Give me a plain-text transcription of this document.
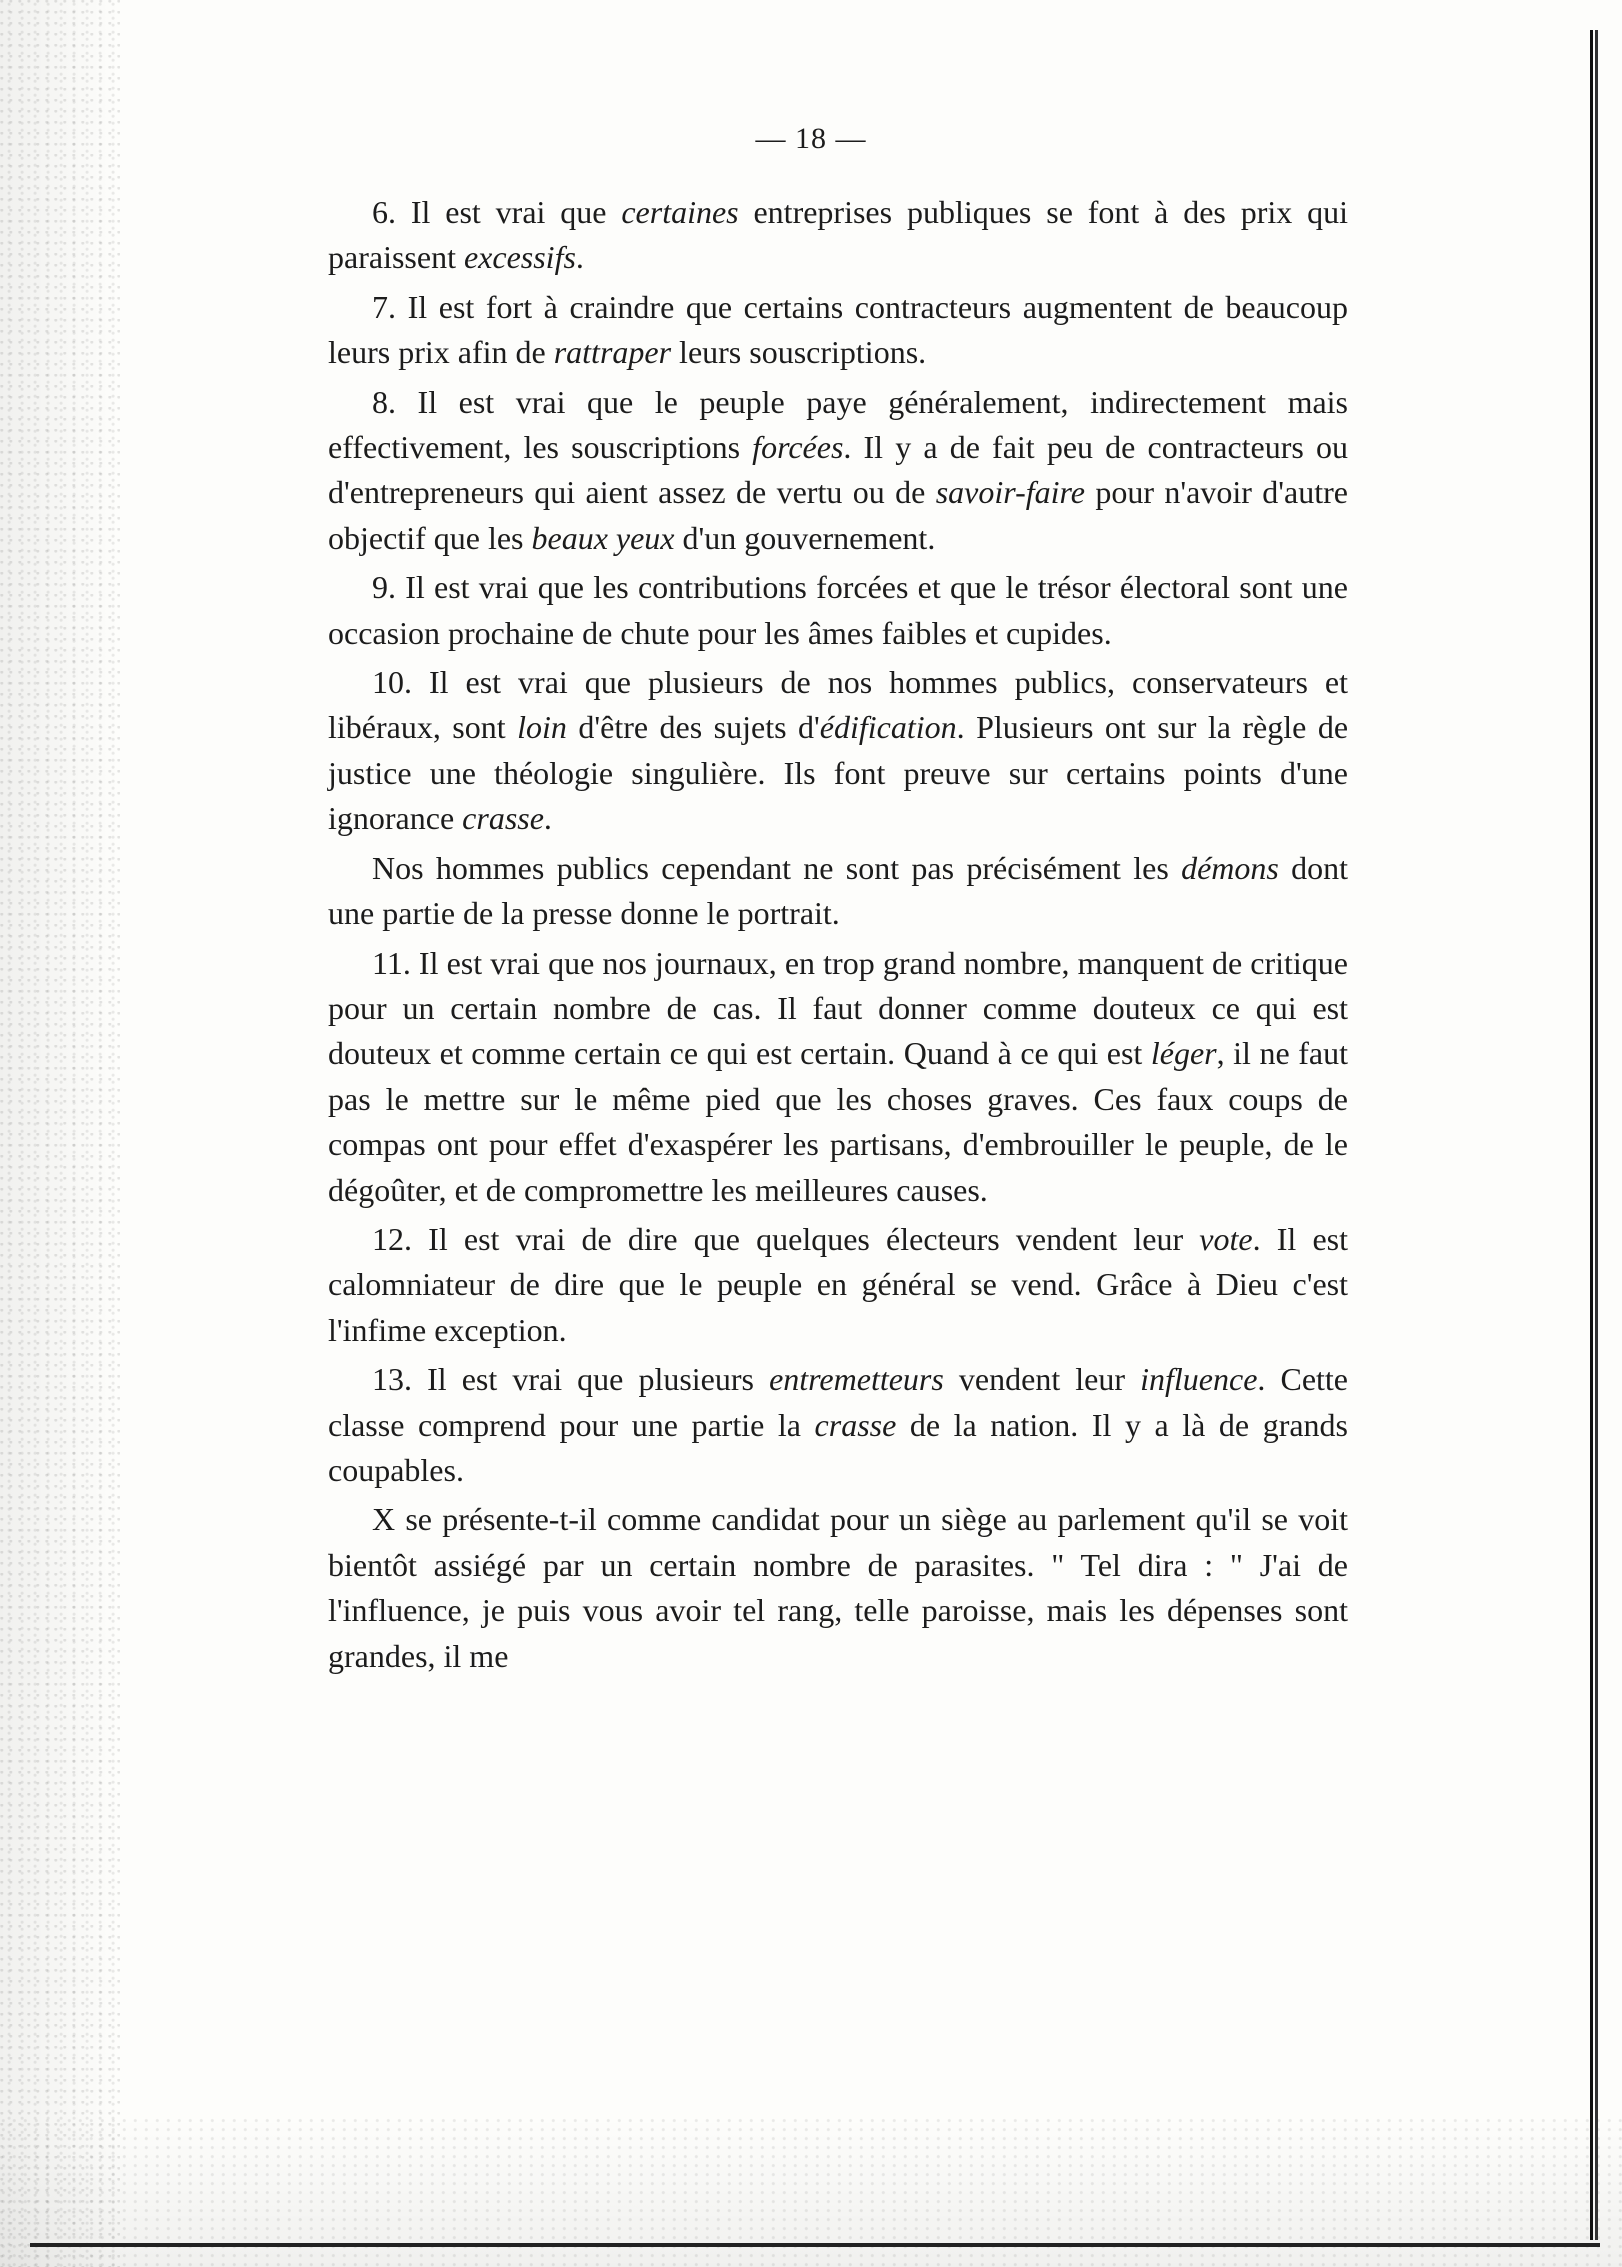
— 18 —

6. Il est vrai que certaines entreprises publiques se font à des prix qui paraissent excessifs.

7. Il est fort à craindre que certains contracteurs augmentent de beaucoup leurs prix afin de rattraper leurs souscriptions.

8. Il est vrai que le peuple paye généralement, indirectement mais effectivement, les souscriptions forcées. Il y a de fait peu de contracteurs ou d'entrepreneurs qui aient assez de vertu ou de savoir-faire pour n'avoir d'autre objectif que les beaux yeux d'un gouvernement.

9. Il est vrai que les contributions forcées et que le trésor électoral sont une occasion prochaine de chute pour les âmes faibles et cupides.

10. Il est vrai que plusieurs de nos hommes publics, conservateurs et libéraux, sont loin d'être des sujets d'édification. Plusieurs ont sur la règle de justice une théologie singulière. Ils font preuve sur certains points d'une ignorance crasse.

Nos hommes publics cependant ne sont pas précisément les démons dont une partie de la presse donne le portrait.

11. Il est vrai que nos journaux, en trop grand nombre, manquent de critique pour un certain nombre de cas. Il faut donner comme douteux ce qui est douteux et comme certain ce qui est certain. Quand à ce qui est léger, il ne faut pas le mettre sur le même pied que les choses graves. Ces faux coups de compas ont pour effet d'exaspérer les partisans, d'embrouiller le peuple, de le dégoûter, et de compromettre les meilleures causes.

12. Il est vrai de dire que quelques électeurs vendent leur vote. Il est calomniateur de dire que le peuple en général se vend. Grâce à Dieu c'est l'infime exception.

13. Il est vrai que plusieurs entremetteurs vendent leur influence. Cette classe comprend pour une partie la crasse de la nation. Il y a là de grands coupables.

X se présente-t-il comme candidat pour un siège au parlement qu'il se voit bientôt assiégé par un certain nombre de parasites. " Tel dira : " J'ai de l'influence, je puis vous avoir tel rang, telle paroisse, mais les dépenses sont grandes, il me
